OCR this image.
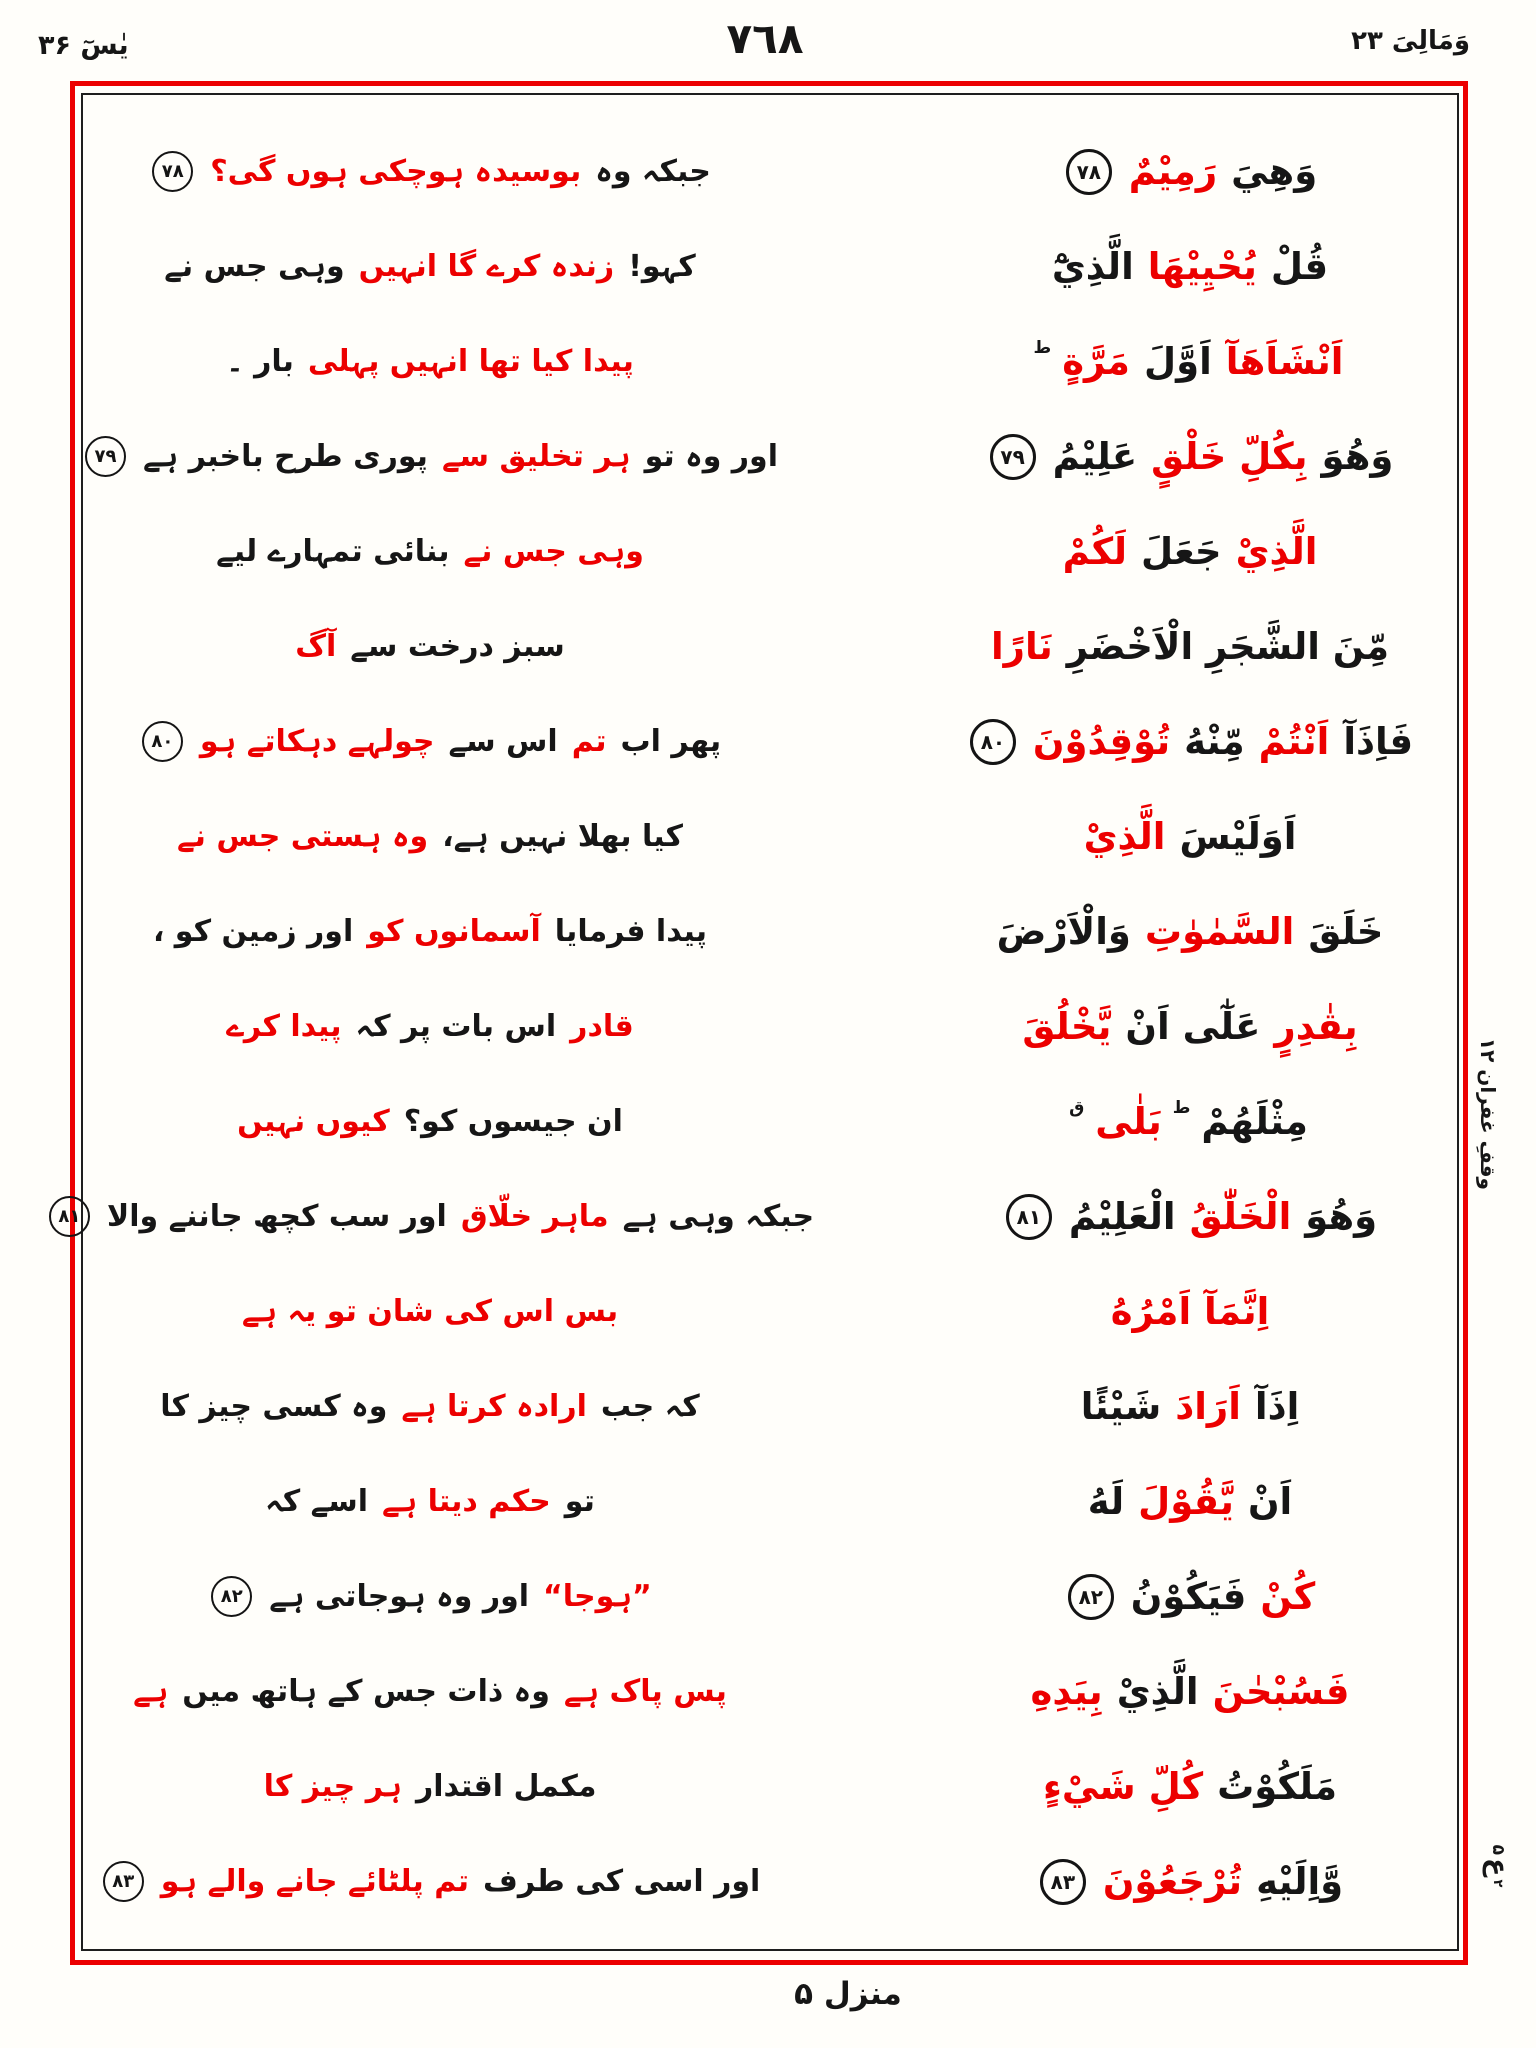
یٰسٓ ۳۶	٧٦٨	وَمَالِیَ ۲۳
وَهِيَ
رَمِيْمٌ
٧٨
قُلْ
يُحْيِيْهَا
الَّذِيْٓ
اَنْشَاَهَآ
اَوَّلَ
مَرَّةٍ
ط
وَهُوَ
بِكُلِّ خَلْقٍ
عَلِيْمُ
٧٩
الَّذِيْ
جَعَلَ
لَكُمْ
مِّنَ الشَّجَرِ الْاَخْضَرِ
نَارًا
فَاِذَآ
اَنْتُمْ
مِّنْهُ
تُوْقِدُوْنَ
٨٠
اَوَلَيْسَ
الَّذِيْ
خَلَقَ
السَّمٰوٰتِ
وَالْاَرْضَ
بِقٰدِرٍ
عَلٰٓى اَنْ
يَّخْلُقَ
مِثْلَهُمْ
ط
بَلٰى
ق
وَهُوَ
الْخَلّٰقُ
الْعَلِيْمُ
٨١
اِنَّمَآ اَمْرُهُ
اِذَآ
اَرَادَ
شَيْئًا
اَنْ
يَّقُوْلَ
لَهُ
كُنْ
فَيَكُوْنُ
٨٢
فَسُبْحٰنَ
الَّذِيْ
بِيَدِهِ
مَلَكُوْتُ
كُلِّ شَيْءٍ
وَّاِلَيْهِ
تُرْجَعُوْنَ
٨٣
جبکہ وہ
بوسیدہ ہوچکی ہوں گی؟
٧٨
کہو!
زندہ کرے گا انہیں
وہی جس نے
پیدا کیا تھا انہیں پہلی
بار ۔
اور وہ تو
ہر تخلیق سے
پوری طرح باخبر ہے
٧٩
وہی جس نے
بنائی تمہارے لیے
سبز درخت سے
آگ
پھر اب
تم
اس سے
چولہے دہکاتے ہو
٨٠
کیا بھلا نہیں ہے،
وہ ہستی جس نے
پیدا فرمایا
آسمانوں کو
اور زمین کو ،
قادر
اس بات پر کہ
پیدا کرے
ان جیسوں کو؟
کیوں نہیں
جبکہ وہی ہے
ماہر خلّاق
اور سب کچھ جاننے والا
٨١
بس اس کی شان تو یہ ہے
کہ جب
ارادہ کرتا ہے
وہ کسی چیز کا
تو
حکم دیتا ہے
اسے کہ
”ہوجا“
اور وہ ہوجاتی ہے
٨٢
پس پاک ہے
وہ ذات جس کے ہاتھ میں
ہے
مکمل اقتدار
ہر چیز کا
اور اسی کی طرف
تم پلٹائے جانے والے ہو
٨٣
وقفِ غفران ۱۲
۵
ع
٢
منزل ۵
